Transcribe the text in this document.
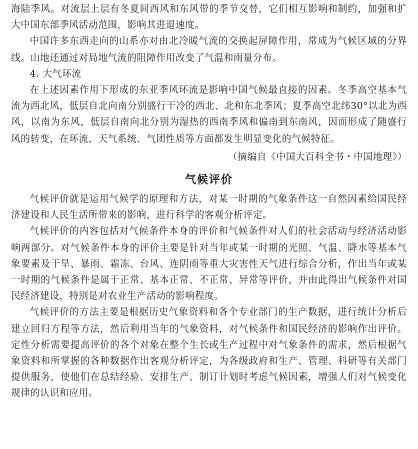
海陆季风。对流层上层有冬夏间西风和东风带的季节交替，它们相互影响和制约，加强和扩大中国东部季风活动范围，影响其进退速度。

中国许多东西走向的山系亦对由北冷暖气流的交换起屏障作用，常成为气候区域的分界线。山地还通过对局地气流的阻障作用改变了气温和雨量分布。

4. 大气环流

在上述因素作用下形成的东亚季风环流是影响中国气候最直接的因素。冬季高空基本气流为西北风，低层自北向南分别盛行干冷的西北、北和东北季风；夏季高空北纬30°以北为西风，以南为东风，低层自南向北分别为湿热的西南季风和偏南到东南风，因而形成了随盛行风的转变，在环流、天气系统、气团性质等方面都发生明显变化的气候特征。

（摘编自《中国大百科全书・中国地理》）

气候评价

气候评价就是运用气候学的原理和方法，对某一时期的气象条件这一自然因素给国民经济建设和人民生活所带来的影响，进行科学的客观分析评定。

气候评价的内容包括对气候条件本身的评价和气候条件对人们的社会活动与经济活动影响两部分。对气候条件本身的评价主要是针对当年或某一时期的光照、气温、降水等基本气象要素及干旱、暴雨、霜冻、台风、连阴雨等重大灾害性天气进行综合分析，作出当年或某一时期的气候条件是属于正常、基本正常、不正常、异常等评价，并由此得出气候条件对国民经济建设，特别是对农业生产活动的影响程度。

气候评价的方法主要是根据历史气象资料和各个专业部门的生产数据，进行统计分析后建立回归方程等方法，然后利用当年的气象资料，对气候条件和国民经济的影响作出评价。定性分析需要提高评价的各个对象在整个生长或生产过程中对气象条件的需求，然后根据气象资料和所掌握的各种数据作出客观分析评定，为各级政府和生产、管理、科研等有关部门提供服务，使他们在总结经验、安排生产、制订计划时考虑气候因素，增强人们对气候变化规律的认识和应用。
